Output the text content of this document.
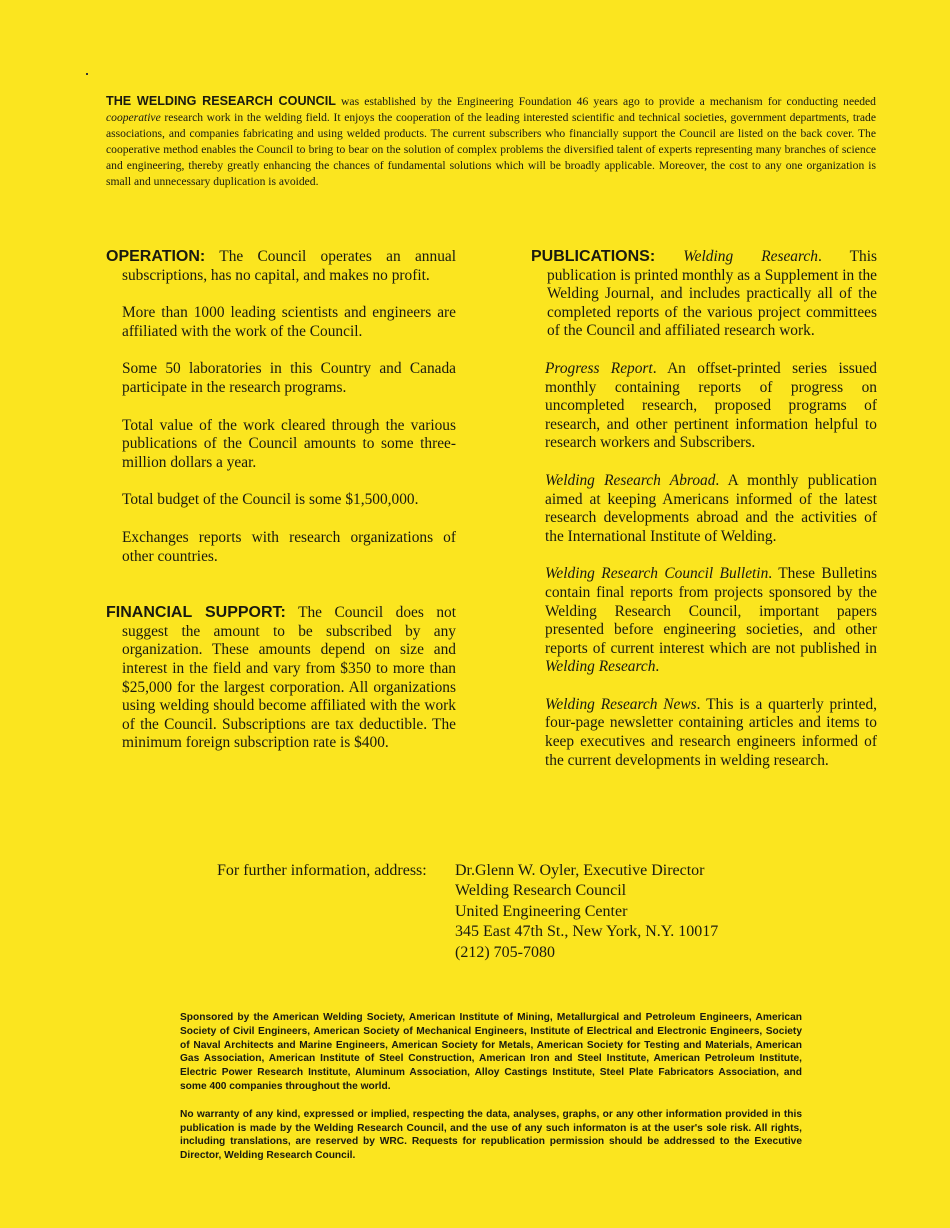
THE WELDING RESEARCH COUNCIL was established by the Engineering Foundation 46 years ago to provide a mechanism for conducting needed cooperative research work in the welding field. It enjoys the cooperation of the leading interested scientific and technical societies, government departments, trade associations, and companies fabricating and using welded products. The current subscribers who financially support the Council are listed on the back cover. The cooperative method enables the Council to bring to bear on the solution of complex problems the diversified talent of experts representing many branches of science and engineering, thereby greatly enhancing the chances of fundamental solutions which will be broadly applicable. Moreover, the cost to any one organization is small and unnecessary duplication is avoided.

OPERATION: The Council operates an annual subscriptions, has no capital, and makes no profit.

More than 1000 leading scientists and engineers are affiliated with the work of the Council.

Some 50 laboratories in this Country and Canada participate in the research programs.

Total value of the work cleared through the various publications of the Council amounts to some three-million dollars a year.

Total budget of the Council is some $1,500,000.

Exchanges reports with research organizations of other countries.

FINANCIAL SUPPORT: The Council does not suggest the amount to be subscribed by any organization. These amounts depend on size and interest in the field and vary from $350 to more than $25,000 for the largest corporation. All organizations using welding should become affiliated with the work of the Council. Subscriptions are tax deductible. The minimum foreign subscription rate is $400.

PUBLICATIONS: Welding Research. This publication is printed monthly as a Supplement in the Welding Journal, and includes practically all of the completed reports of the various project committees of the Council and affiliated research work.

Progress Report. An offset-printed series issued monthly containing reports of progress on uncompleted research, proposed programs of research, and other pertinent information helpful to research workers and Subscribers.

Welding Research Abroad. A monthly publication aimed at keeping Americans informed of the latest research developments abroad and the activities of the International Institute of Welding.

Welding Research Council Bulletin. These Bulletins contain final reports from projects sponsored by the Welding Research Council, important papers presented before engineering societies, and other reports of current interest which are not published in Welding Research.

Welding Research News. This is a quarterly printed, four-page newsletter containing articles and items to keep executives and research engineers informed of the current developments in welding research.

For further information, address: Dr.Glenn W. Oyler, Executive Director
Welding Research Council
United Engineering Center
345 East 47th St., New York, N.Y. 10017
(212) 705-7080

Sponsored by the American Welding Society, American Institute of Mining, Metallurgical and Petroleum Engineers, American Society of Civil Engineers, American Society of Mechanical Engineers, Institute of Electrical and Electronic Engineers, Society of Naval Architects and Marine Engineers, American Society for Metals, American Society for Testing and Materials, American Gas Association, American Institute of Steel Construction, American Iron and Steel Institute, American Petroleum Institute, Electric Power Research Institute, Aluminum Association, Alloy Castings Institute, Steel Plate Fabricators Association, and some 400 companies throughout the world.

No warranty of any kind, expressed or implied, respecting the data, analyses, graphs, or any other information provided in this publication is made by the Welding Research Council, and the use of any such informaton is at the user's sole risk. All rights, including translations, are reserved by WRC. Requests for republication permission should be addressed to the Executive Director, Welding Research Council.
